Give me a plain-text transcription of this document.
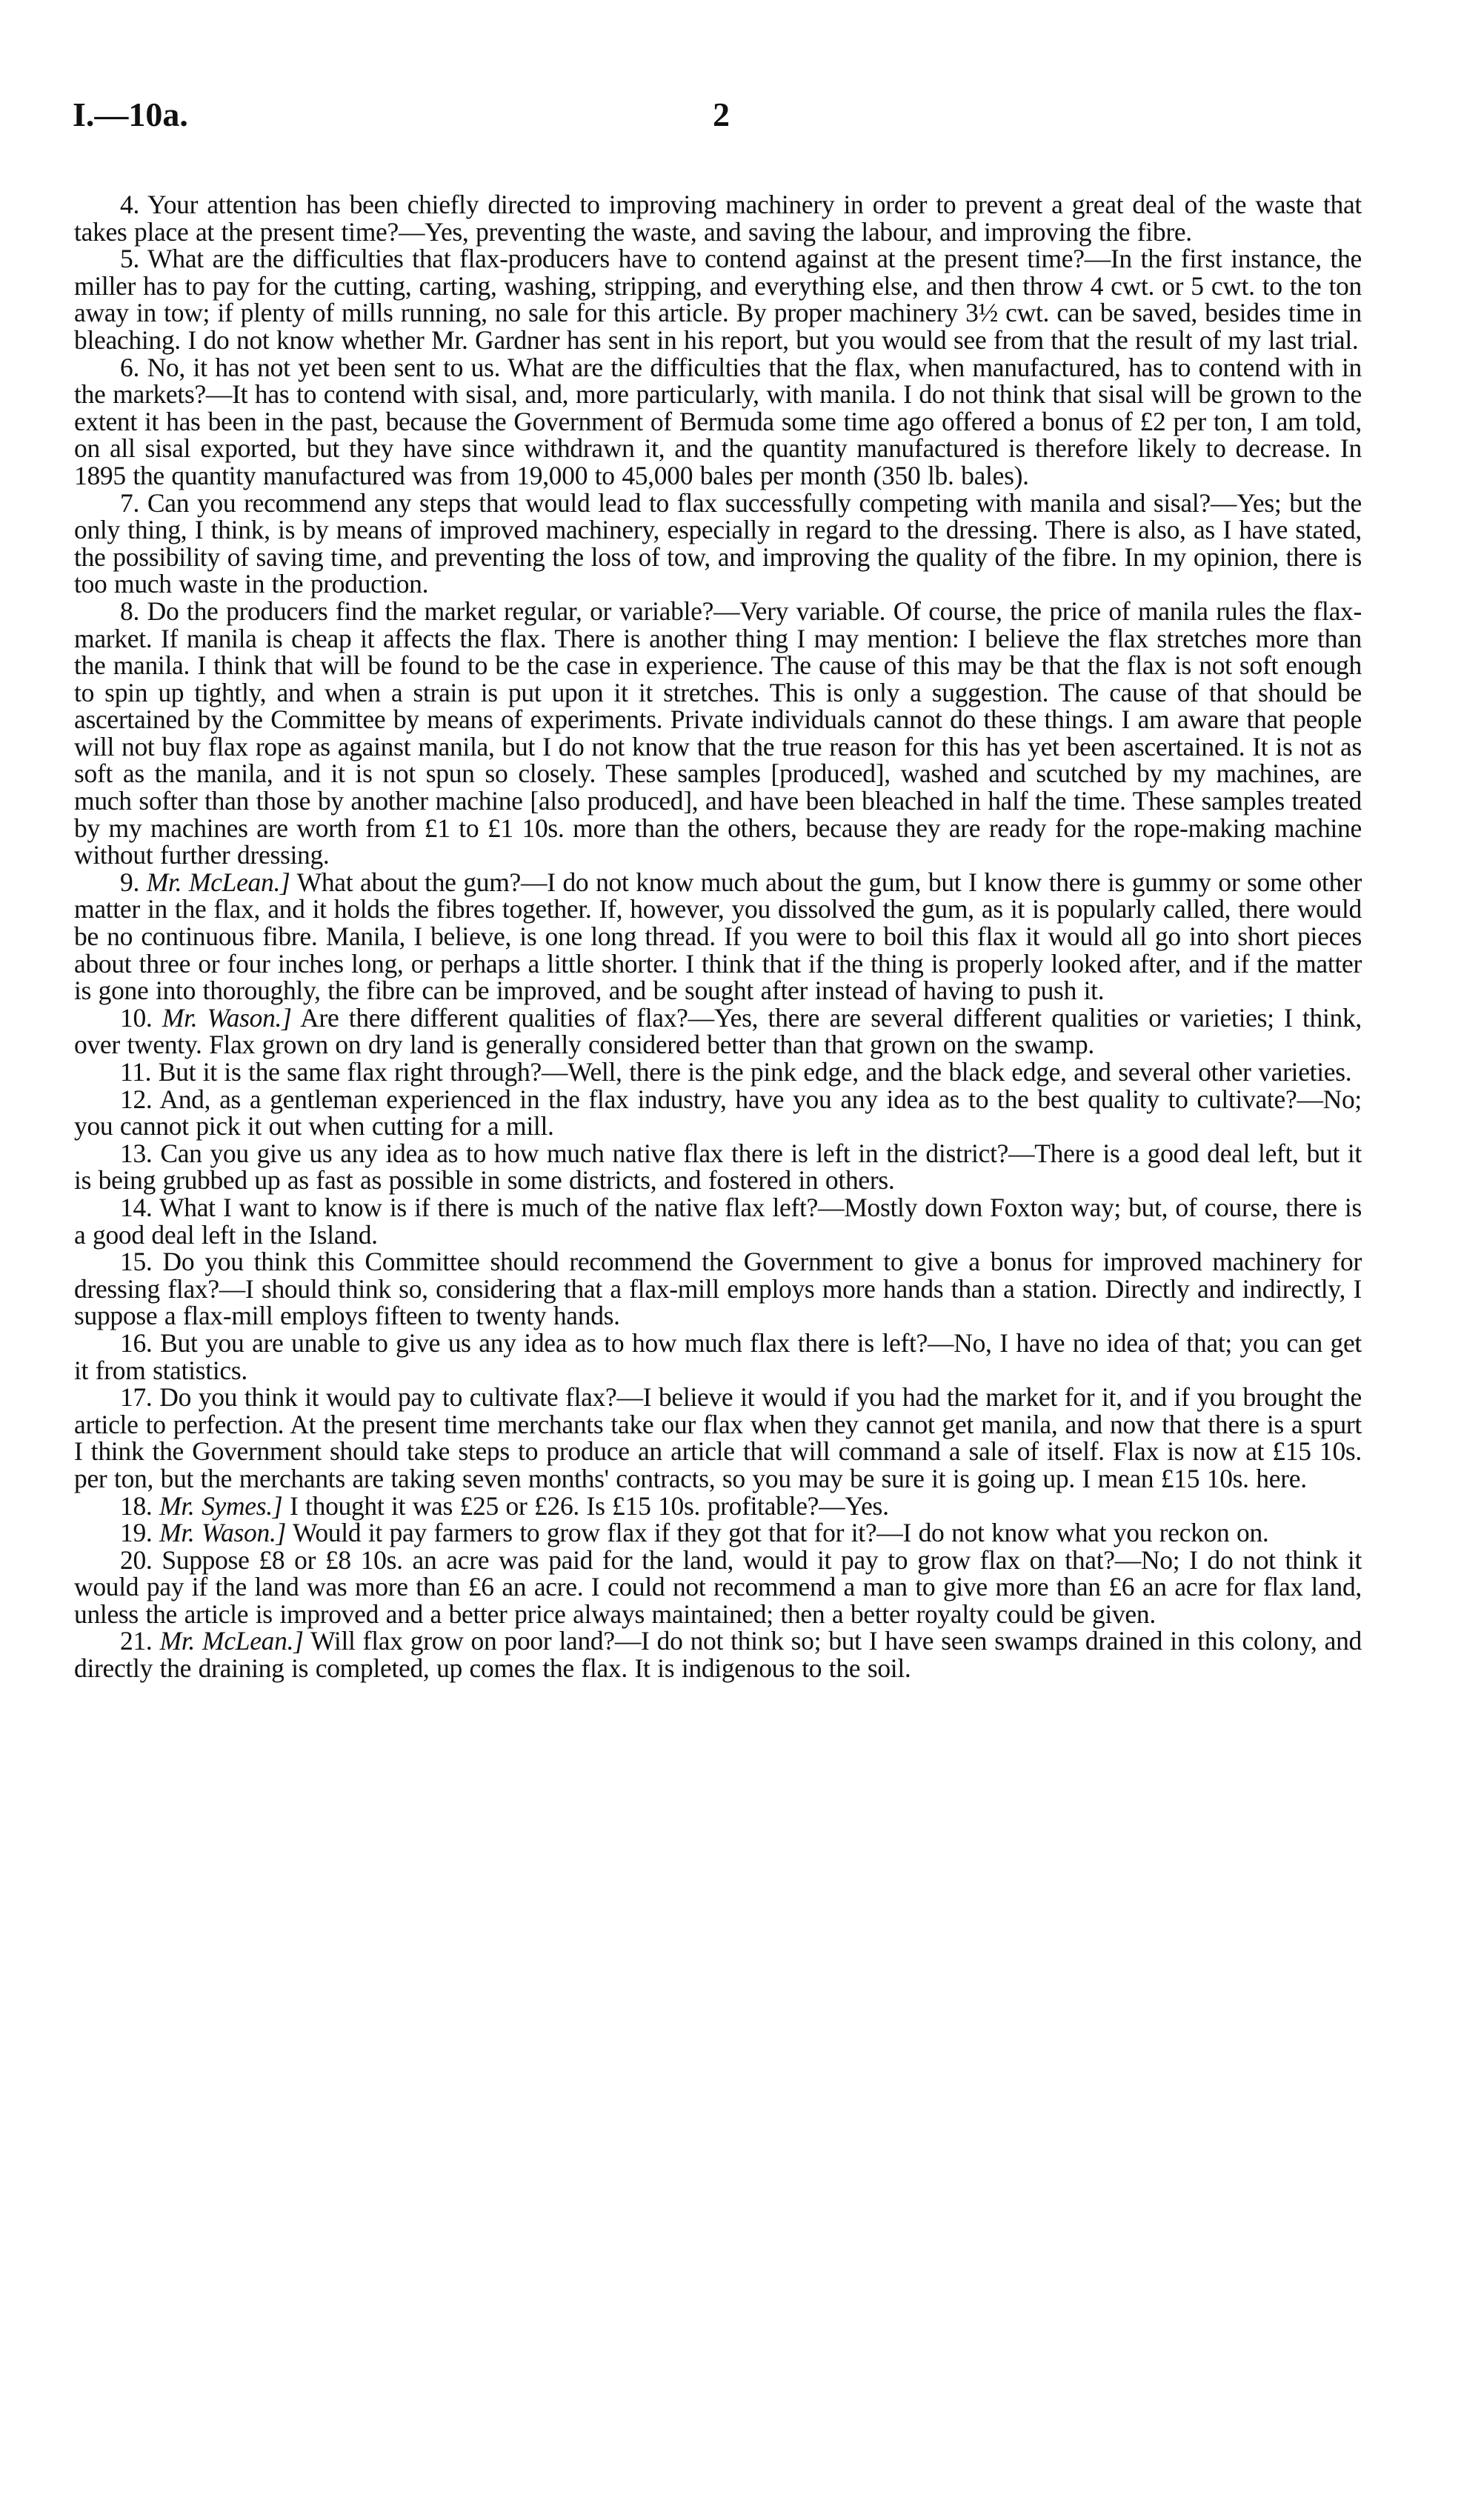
I.—10a.	2

4. Your attention has been chiefly directed to improving machinery in order to prevent a great deal of the waste that takes place at the present time?—Yes, preventing the waste, and saving the labour, and improving the fibre.

5. What are the difficulties that flax-producers have to contend against at the present time?—In the first instance, the miller has to pay for the cutting, carting, washing, stripping, and everything else, and then throw 4 cwt. or 5 cwt. to the ton away in tow; if plenty of mills running, no sale for this article. By proper machinery 3½ cwt. can be saved, besides time in bleaching. I do not know whether Mr. Gardner has sent in his report, but you would see from that the result of my last trial.

6. No, it has not yet been sent to us. What are the difficulties that the flax, when manufactured, has to contend with in the markets?—It has to contend with sisal, and, more particularly, with manila. I do not think that sisal will be grown to the extent it has been in the past, because the Government of Bermuda some time ago offered a bonus of £2 per ton, I am told, on all sisal exported, but they have since withdrawn it, and the quantity manufactured is therefore likely to decrease. In 1895 the quantity manufactured was from 19,000 to 45,000 bales per month (350 lb. bales).

7. Can you recommend any steps that would lead to flax successfully competing with manila and sisal?—Yes; but the only thing, I think, is by means of improved machinery, especially in regard to the dressing. There is also, as I have stated, the possibility of saving time, and preventing the loss of tow, and improving the quality of the fibre. In my opinion, there is too much waste in the production.

8. Do the producers find the market regular, or variable?—Very variable. Of course, the price of manila rules the flax-market. If manila is cheap it affects the flax. There is another thing I may mention: I believe the flax stretches more than the manila. I think that will be found to be the case in experience. The cause of this may be that the flax is not soft enough to spin up tightly, and when a strain is put upon it it stretches. This is only a suggestion. The cause of that should be ascertained by the Committee by means of experiments. Private individuals cannot do these things. I am aware that people will not buy flax rope as against manila, but I do not know that the true reason for this has yet been ascertained. It is not as soft as the manila, and it is not spun so closely. These samples [produced], washed and scutched by my machines, are much softer than those by another machine [also produced], and have been bleached in half the time. These samples treated by my machines are worth from £1 to £1 10s. more than the others, because they are ready for the rope-making machine without further dressing.

9. Mr. McLean.] What about the gum?—I do not know much about the gum, but I know there is gummy or some other matter in the flax, and it holds the fibres together. If, however, you dissolved the gum, as it is popularly called, there would be no continuous fibre. Manila, I believe, is one long thread. If you were to boil this flax it would all go into short pieces about three or four inches long, or perhaps a little shorter. I think that if the thing is properly looked after, and if the matter is gone into thoroughly, the fibre can be improved, and be sought after instead of having to push it.

10. Mr. Wason.] Are there different qualities of flax?—Yes, there are several different qualities or varieties; I think, over twenty. Flax grown on dry land is generally considered better than that grown on the swamp.

11. But it is the same flax right through?—Well, there is the pink edge, and the black edge, and several other varieties.

12. And, as a gentleman experienced in the flax industry, have you any idea as to the best quality to cultivate?—No; you cannot pick it out when cutting for a mill.

13. Can you give us any idea as to how much native flax there is left in the district?—There is a good deal left, but it is being grubbed up as fast as possible in some districts, and fostered in others.

14. What I want to know is if there is much of the native flax left?—Mostly down Foxton way; but, of course, there is a good deal left in the Island.

15. Do you think this Committee should recommend the Government to give a bonus for improved machinery for dressing flax?—I should think so, considering that a flax-mill employs more hands than a station. Directly and indirectly, I suppose a flax-mill employs fifteen to twenty hands.

16. But you are unable to give us any idea as to how much flax there is left?—No, I have no idea of that; you can get it from statistics.

17. Do you think it would pay to cultivate flax?—I believe it would if you had the market for it, and if you brought the article to perfection. At the present time merchants take our flax when they cannot get manila, and now that there is a spurt I think the Government should take steps to produce an article that will command a sale of itself. Flax is now at £15 10s. per ton, but the merchants are taking seven months' contracts, so you may be sure it is going up. I mean £15 10s. here.

18. Mr. Symes.] I thought it was £25 or £26. Is £15 10s. profitable?—Yes.

19. Mr. Wason.] Would it pay farmers to grow flax if they got that for it?—I do not know what you reckon on.

20. Suppose £8 or £8 10s. an acre was paid for the land, would it pay to grow flax on that?—No; I do not think it would pay if the land was more than £6 an acre. I could not recommend a man to give more than £6 an acre for flax land, unless the article is improved and a better price always maintained; then a better royalty could be given.

21. Mr. McLean.] Will flax grow on poor land?—I do not think so; but I have seen swamps drained in this colony, and directly the draining is completed, up comes the flax. It is indigenous to the soil.
